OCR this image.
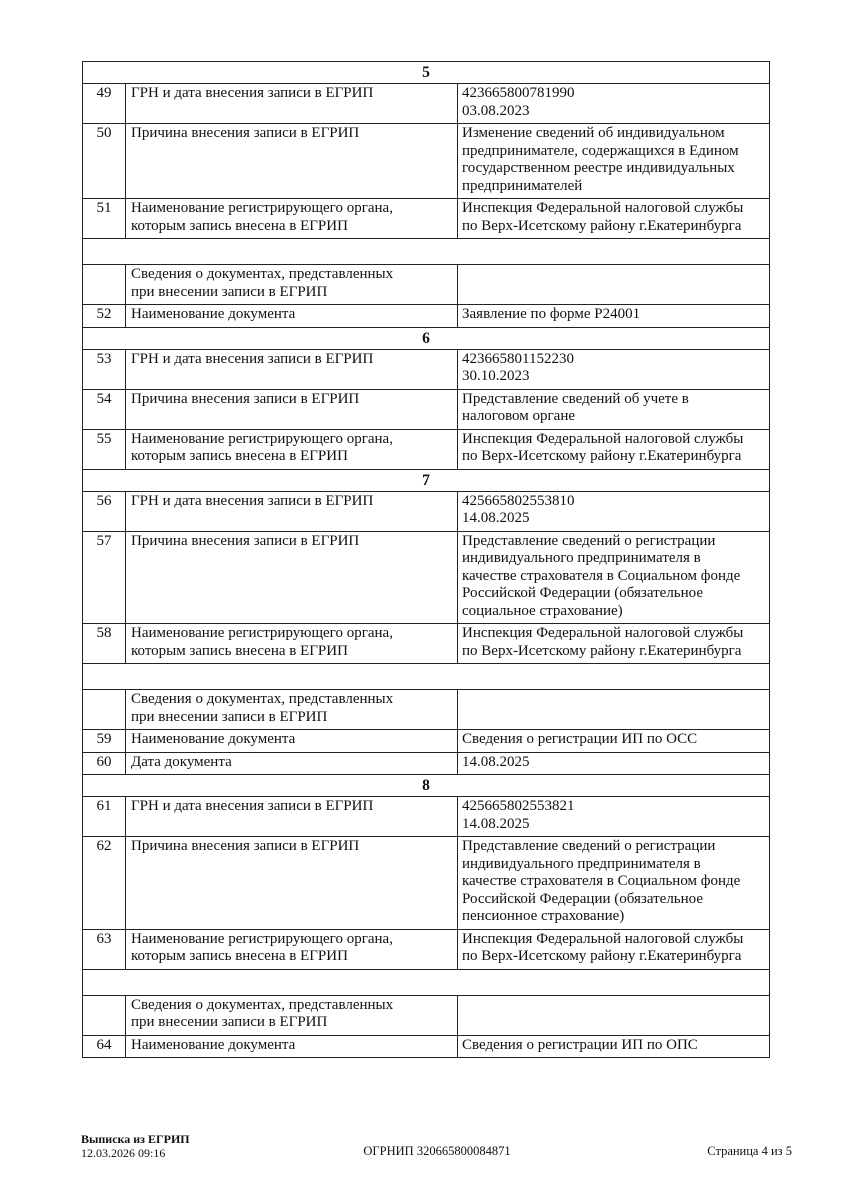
5		
49	ГРН и дата внесения записи в ЕГРИП	423665800781990
03.08.2023
50	Причина внесения записи в ЕГРИП	Изменение сведений об индивидуальном
предпринимателе, содержащихся в Едином
государственном реестре индивидуальных
предпринимателей
51	Наименование регистрирующего органа,
которым запись внесена в ЕГРИП	Инспекция Федеральной налоговой службы
по Верх-Исетскому району г.Екатеринбурга

	Сведения о документах, представленных
при внесении записи в ЕГРИП	
52	Наименование документа	Заявление по форме Р24001
6		
53	ГРН и дата внесения записи в ЕГРИП	423665801152230
30.10.2023
54	Причина внесения записи в ЕГРИП	Представление сведений об учете в
налоговом органе
55	Наименование регистрирующего органа,
которым запись внесена в ЕГРИП	Инспекция Федеральной налоговой службы
по Верх-Исетскому району г.Екатеринбурга
7		
56	ГРН и дата внесения записи в ЕГРИП	425665802553810
14.08.2025
57	Причина внесения записи в ЕГРИП	Представление сведений о регистрации
индивидуального предпринимателя в
качестве страхователя в Социальном фонде
Российской Федерации (обязательное
социальное страхование)
58	Наименование регистрирующего органа,
которым запись внесена в ЕГРИП	Инспекция Федеральной налоговой службы
по Верх-Исетскому району г.Екатеринбурга

	Сведения о документах, представленных
при внесении записи в ЕГРИП	
59	Наименование документа	Сведения о регистрации ИП по ОСС
60	Дата документа	14.08.2025
8		
61	ГРН и дата внесения записи в ЕГРИП	425665802553821
14.08.2025
62	Причина внесения записи в ЕГРИП	Представление сведений о регистрации
индивидуального предпринимателя в
качестве страхователя в Социальном фонде
Российской Федерации (обязательное
пенсионное страхование)
63	Наименование регистрирующего органа,
которым запись внесена в ЕГРИП	Инспекция Федеральной налоговой службы
по Верх-Исетскому району г.Екатеринбурга

	Сведения о документах, представленных
при внесении записи в ЕГРИП	
64	Наименование документа	Сведения о регистрации ИП по ОПС
Выписка из ЕГРИП
12.03.2026 09:16	ОГРНИП 320665800084871	Страница 4 из 5
